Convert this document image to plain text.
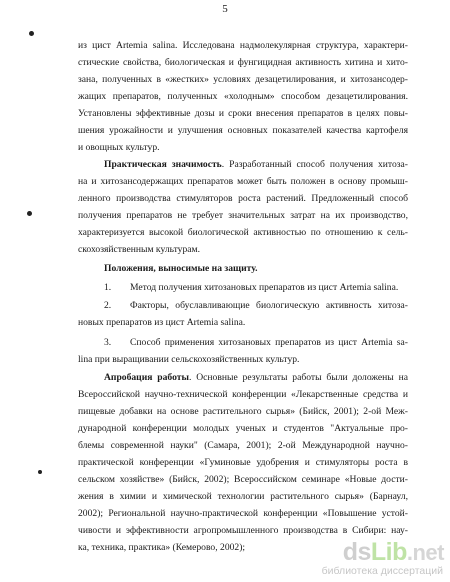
5
из цист Artemia salina. Исследована надмолекулярная структура, характери-
стические свойства, биологическая и фунгицидная активность хитина и хито-
зана, полученных в «жестких» условиях дезацетилирования, и хитозансодер-
жащих препаратов, полученных «холодным» способом дезацетилирования.
Установлены эффективные дозы и сроки внесения препаратов в целях повы-
шения урожайности и улучшения основных показателей качества картофеля
и овощных культур.
Практическая значимость. Разработанный способ получения хитоза-
на и хитозансодержащих препаратов может быть положен в основу промыш-
ленного производства стимуляторов роста растений. Предложенный способ
получения препаратов не требует значительных затрат на их производство,
характеризуется высокой биологической активностью по отношению к сель-
скохозяйственным культурам.
Положения, выносимые на защиту.
1. Метод получения хитозановых препаратов из цист Artemia salina.
2. Факторы, обуславливающие биологическую активность хитоза-
новых препаратов из цист Artemia salina.
3. Способ применения хитозановых препаратов из цист Artemia sa-
lina при выращивании сельскохозяйственных культур.
Апробация работы. Основные результаты работы были доложены на
Всероссийской научно-технической конференции «Лекарственные средства и
пищевые добавки на основе растительного сырья» (Бийск, 2001); 2-ой Меж-
дународной конференции молодых ученых и студентов "Актуальные про-
блемы современной науки" (Самара, 2001); 2-ой Международной научно-
практической конференции «Гуминовые удобрения и стимуляторы роста в
сельском хозяйстве» (Бийск, 2002); Всероссийском семинаре «Новые дости-
жения в химии и химической технологии растительного сырья» (Барнаул,
2002); Региональной научно-практической конференции «Повышение устой-
чивости и эффективности агропромышленного производства в Сибири: нау-
ка, техника, практика» (Кемерово, 2002);	dsLib.net
библиотека диссертаций
